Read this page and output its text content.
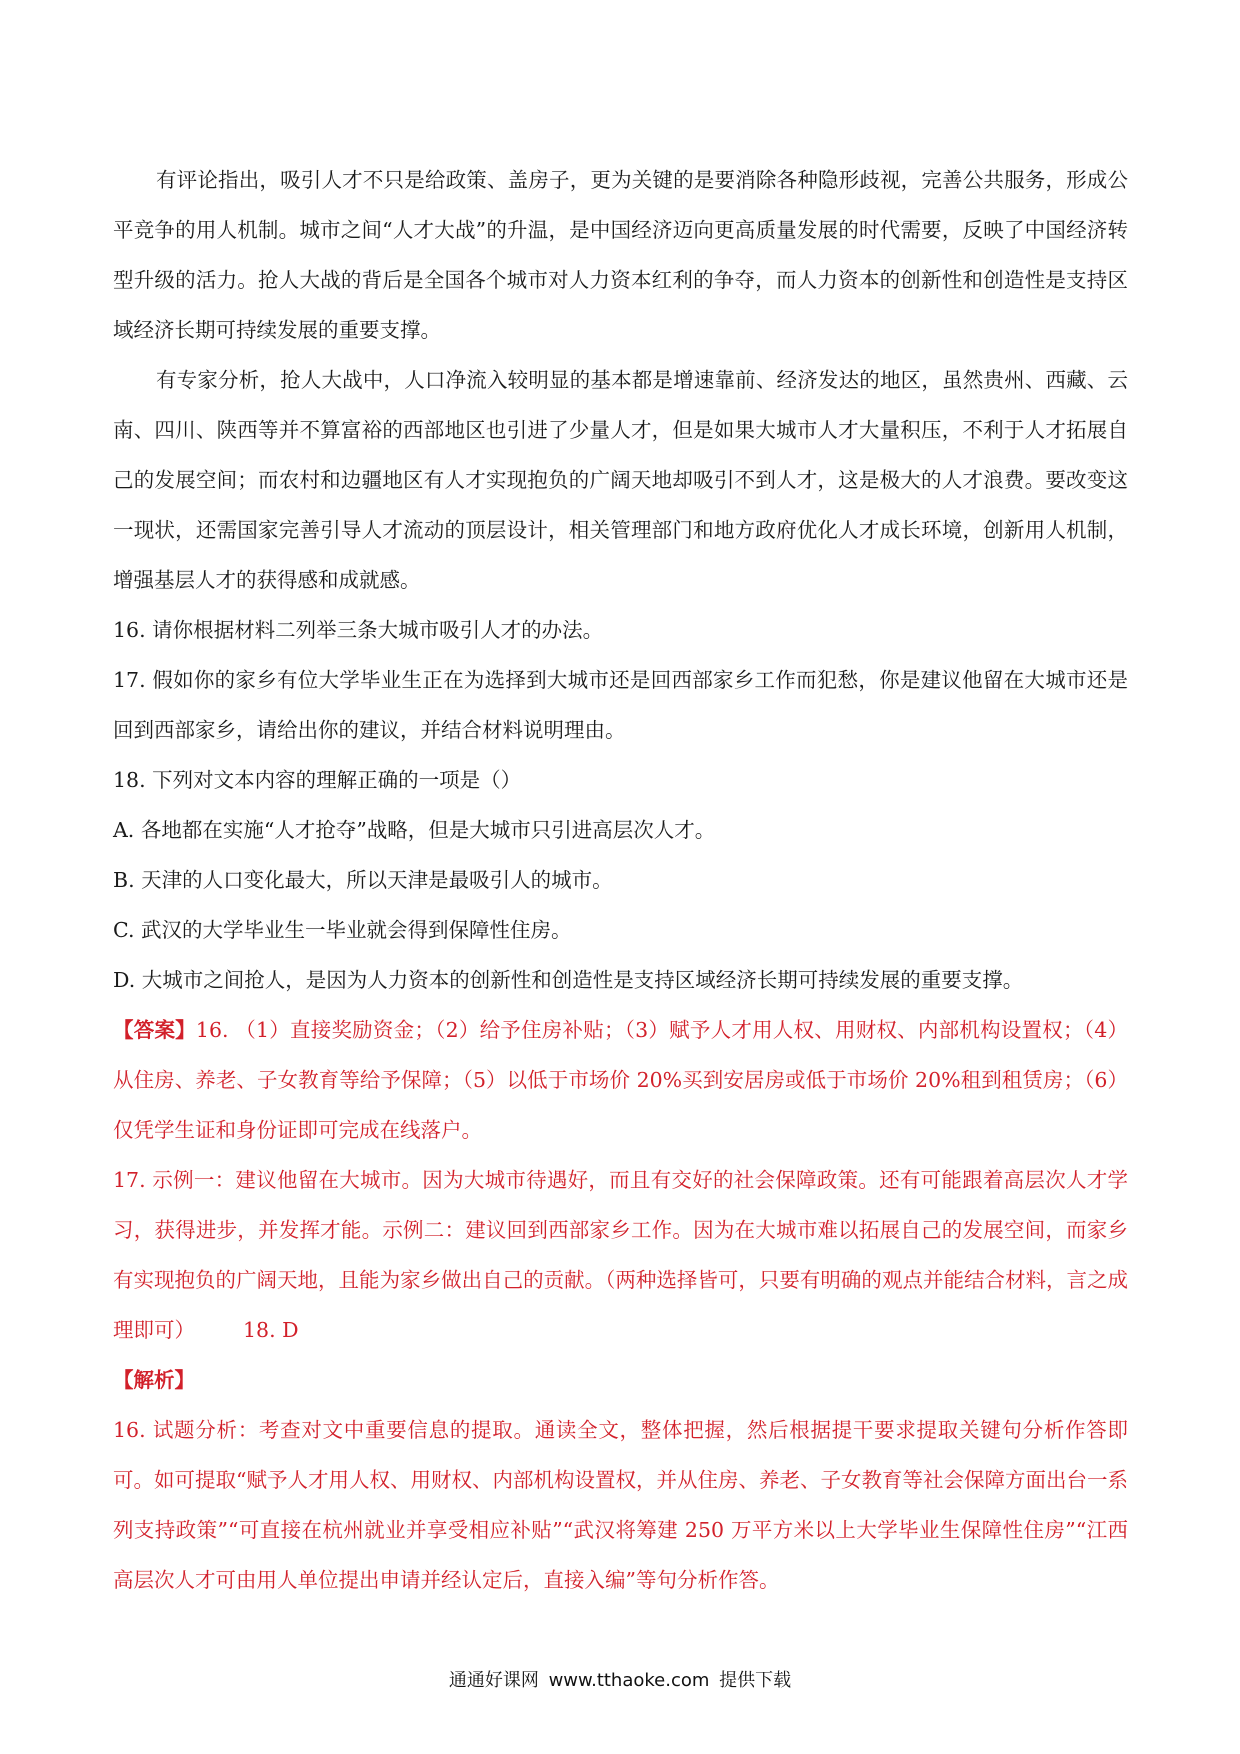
有评论指出，吸引人才不只是给政策、盖房子，更为关键的是要消除各种隐形歧视，完善公共服务，形成公平竞争的用人机制。城市之间“人才大战”的升温，是中国经济迈向更高质量发展的时代需要，反映了中国经济转型升级的活力。抢人大战的背后是全国各个城市对人力资本红利的争夺，而人力资本的创新性和创造性是支持区域经济长期可持续发展的重要支撑。

有专家分析，抢人大战中，人口净流入较明显的基本都是增速靠前、经济发达的地区，虽然贵州、西藏、云南、四川、陕西等并不算富裕的西部地区也引进了少量人才，但是如果大城市人才大量积压，不利于人才拓展自己的发展空间；而农村和边疆地区有人才实现抱负的广阔天地却吸引不到人才，这是极大的人才浪费。要改变这一现状，还需国家完善引导人才流动的顶层设计，相关管理部门和地方政府优化人才成长环境，创新用人机制，增强基层人才的获得感和成就感。

16. 请你根据材料二列举三条大城市吸引人才的办法。

17. 假如你的家乡有位大学毕业生正在为选择到大城市还是回西部家乡工作而犯愁，你是建议他留在大城市还是回到西部家乡，请给出你的建议，并结合材料说明理由。

18. 下列对文本内容的理解正确的一项是（）

A. 各地都在实施“人才抢夺”战略，但是大城市只引进高层次人才。

B. 天津的人口变化最大，所以天津是最吸引人的城市。

C. 武汉的大学毕业生一毕业就会得到保障性住房。

D. 大城市之间抢人，是因为人力资本的创新性和创造性是支持区域经济长期可持续发展的重要支撑。

【答案】16. （1）直接奖励资金；（2）给予住房补贴；（3）赋予人才用人权、用财权、内部机构设置权；（4）从住房、养老、子女教育等给予保障；（5）以低于市场价 20%买到安居房或低于市场价 20%租到租赁房；（6）仅凭学生证和身份证即可完成在线落户。

17. 示例一：建议他留在大城市。因为大城市待遇好，而且有交好的社会保障政策。还有可能跟着高层次人才学习，获得进步，并发挥才能。示例二：建议回到西部家乡工作。因为在大城市难以拓展自己的发展空间，而家乡有实现抱负的广阔天地，且能为家乡做出自己的贡献。（两种选择皆可，只要有明确的观点并能结合材料，言之成理即可） 18. D

【解析】

16. 试题分析：考查对文中重要信息的提取。通读全文，整体把握，然后根据提干要求提取关键句分析作答即可。如可提取“赋予人才用人权、用财权、内部机构设置权，并从住房、养老、子女教育等社会保障方面出台一系列支持政策”“可直接在杭州就业并享受相应补贴”“武汉将筹建 250 万平方米以上大学毕业生保障性住房”“江西高层次人才可由用人单位提出申请并经认定后，直接入编”等句分析作答。

通通好课网 www.tthaoke.com 提供下载
